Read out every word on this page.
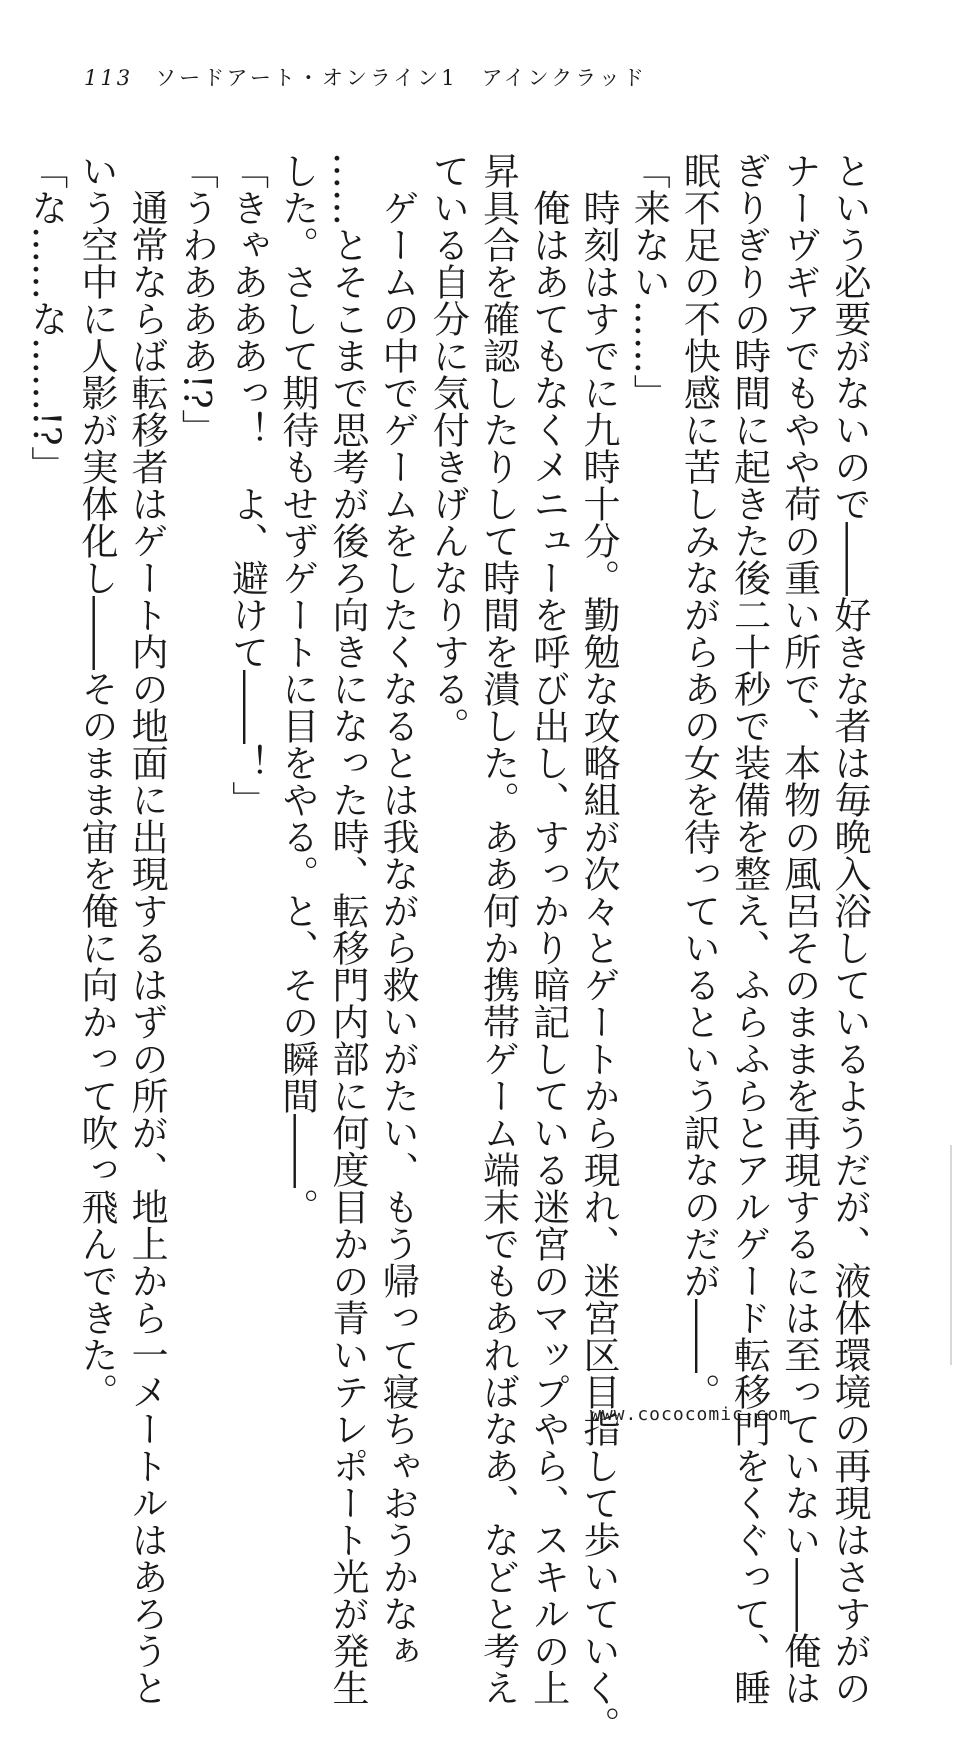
113 ソードアート・オンライン1　アインクラッド
という必要がないので――好きな者は毎晩入浴しているようだが、液体環境の再現はさすがの
ナーヴギアでもやや荷の重い所で、本物の風呂そのままを再現するには至っていない――俺は
ぎりぎりの時間に起きた後二十秒で装備を整え、ふらふらとアルゲード転移門をくぐって、睡
眠不足の不快感に苦しみながらあの女を待っているという訳なのだが――。
「来ない……」
時刻はすでに九時十分。勤勉な攻略組が次々とゲートから現れ、迷宮区目指して歩いていく。
俺はあてもなくメニューを呼び出し、すっかり暗記している迷宮のマップやら、スキルの上
昇具合を確認したりして時間を潰した。ああ何か携帯ゲーム端末でもあればなあ、などと考え
ている自分に気付きげんなりする。
ゲームの中でゲームをしたくなるとは我ながら救いがたい、もう帰って寝ちゃおうかなぁ
……とそこまで思考が後ろ向きになった時、転移門内部に何度目かの青いテレポート光が発生
した。さして期待もせずゲートに目をやる。と、その瞬間――。
「きゃあああっ！　よ、避けて――！」
「うわあああ!?」
通常ならば転移者はゲート内の地面に出現するはずの所が、地上から一メートルはあろうと
いう空中に人影が実体化し――そのまま宙を俺に向かって吹っ飛んできた。
「な……な……!?」
www.cococomic.com
